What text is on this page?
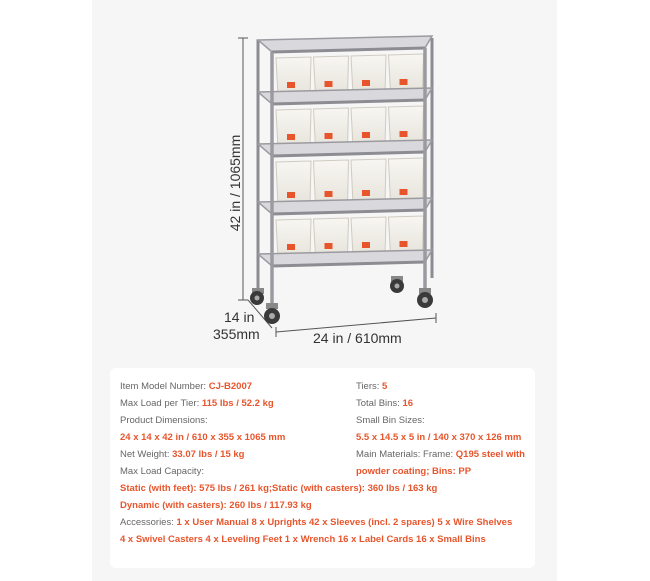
42 in / 1065mm
14 in
355mm	24 in / 610mm
Item Model Number: CJ-B2007	Tiers: 5
Max Load per Tier: 115 lbs / 52.2 kg	Total Bins: 16
Product Dimensions:	Small Bin Sizes:
24 x 14 x 42 in / 610 x 355 x 1065 mm	5.5 x 14.5 x 5 in / 140 x 370 x 126 mm
Net Weight: 33.07 lbs / 15 kg	Main Materials: Frame: Q195 steel with
Max Load Capacity:	powder coating; Bins: PP
Static (with feet): 575 lbs / 261 kg;Static (with casters): 360 lbs / 163 kg
Dynamic (with casters): 260 lbs / 117.93 kg
Accessories: 1 x User Manual 8 x Uprights 42 x Sleeves (incl. 2 spares) 5 x Wire Shelves
4 x Swivel Casters 4 x Leveling Feet 1 x Wrench 16 x Label Cards 16 x Small Bins
